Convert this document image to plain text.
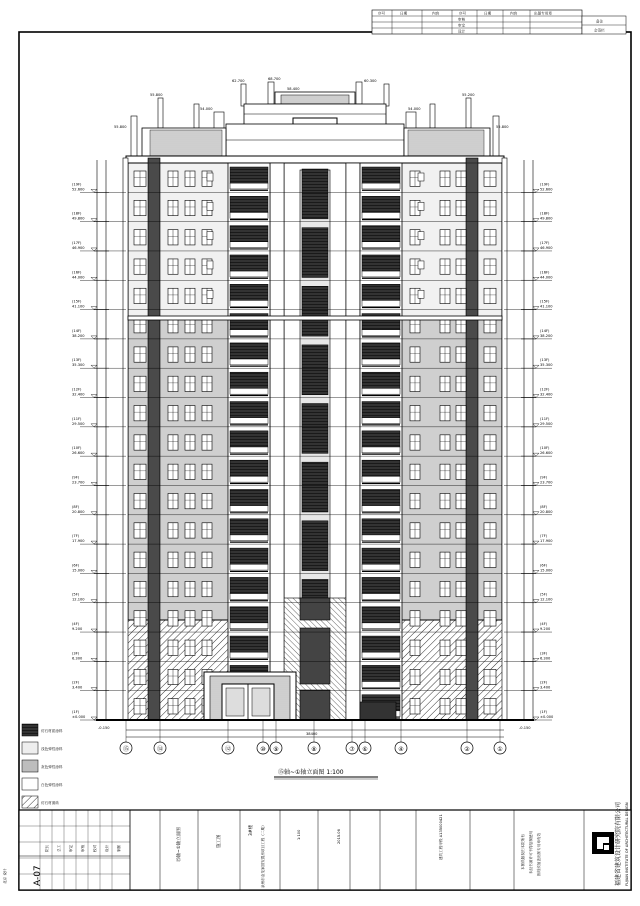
序号	日期	内容	序号	日期	内容	出图专用章
审核
审定
设计
备注
会签栏
(19F)
52.600
(19F)
52.600
(18F)
49.800
(18F)
49.800
(17F)
46.900
(17F)
46.900
(16F)
44.000
(16F)
44.000
(15F)
41.100
(15F)
41.100
(14F)
38.200
(14F)
38.200
(13F)
35.300
(13F)
35.300
(12F)
32.400
(12F)
32.400
(11F)
29.500
(11F)
29.500
(10F)
26.600
(10F)
26.600
(9F)
23.700
(9F)
23.700
(8F)
20.800
(8F)
20.800
(7F)
17.900
(7F)
17.900
(6F)
15.000
(6F)
15.000
(5F)
12.100
(5F)
12.100
(4F)
9.200
(4F)
9.200
(3F)
6.300
(3F)
6.300
(2F)
3.400
(2F)
3.400
(1F)
±0.000
(1F)
±0.000
68.700
58.400
62.700	60.300
55.800	55.200
54.000	54.000
55.800	55.800
-0.150	-0.150
38400
⑮	⑭	⑫	⑩ ⑨	⑧	⑦ ⑥	④	②	①
⑮轴~①轴立面图 1:100
仿石材质涂料
浅色弹性涂料
灰色弹性涂料
白色弹性涂料
仿石材面砖
A-07
⑮轴~①轴立面图	施工图
3#楼 泉州市金龙家园安置房项目工程（二期）	1:100	2015.06	建筑工程甲级 A135000421	本图纸版权归本院所有 未经书面许可不得复制使用 图纸须加盖出图专用章有效	福建省建筑设计研究院有限公司 FUJIAN INSTITUTE OF ARCHITECTURAL DESIGN
院长 总工 审定 审核 校对 设计 制图
北京 设计
